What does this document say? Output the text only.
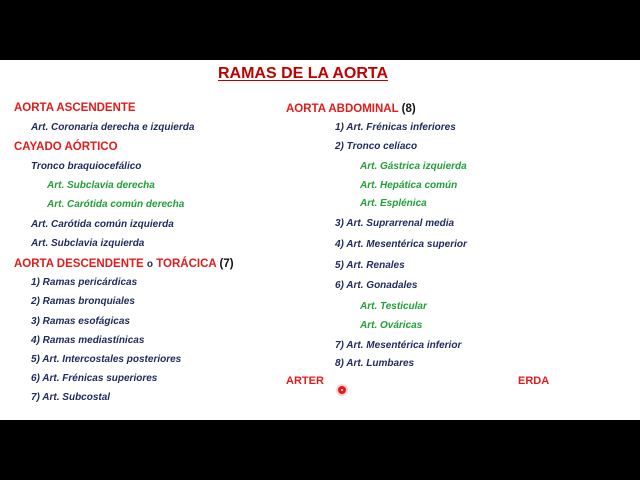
RAMAS DE LA AORTA
AORTA ASCENDENTE
Art. Coronaria derecha e izquierda
CAYADO AÓRTICO
Tronco braquiocefálico
Art. Subclavia derecha
Art. Carótida común derecha
Art. Carótida común izquierda
Art. Subclavia izquierda
AORTA DESCENDENTE o TORÁCICA (7)
1) Ramas pericárdicas
2) Ramas bronquiales
3) Ramas esofágicas
4) Ramas mediastínicas
5) Art. Intercostales posteriores
6) Art. Frénicas superiores
7) Art. Subcostal
AORTA ABDOMINAL (8)
1) Art. Frénicas inferiores
2) Tronco celíaco
Art. Gástrica izquierda
Art. Hepática común
Art. Esplénica
3) Art. Suprarrenal media
4) Art. Mesentérica superior
5) Art. Renales
6) Art. Gonadales
Art. Testicular
Art. Ováricas
7) Art. Mesentérica inferior
8) Art. Lumbares
ARTER	ERDA
